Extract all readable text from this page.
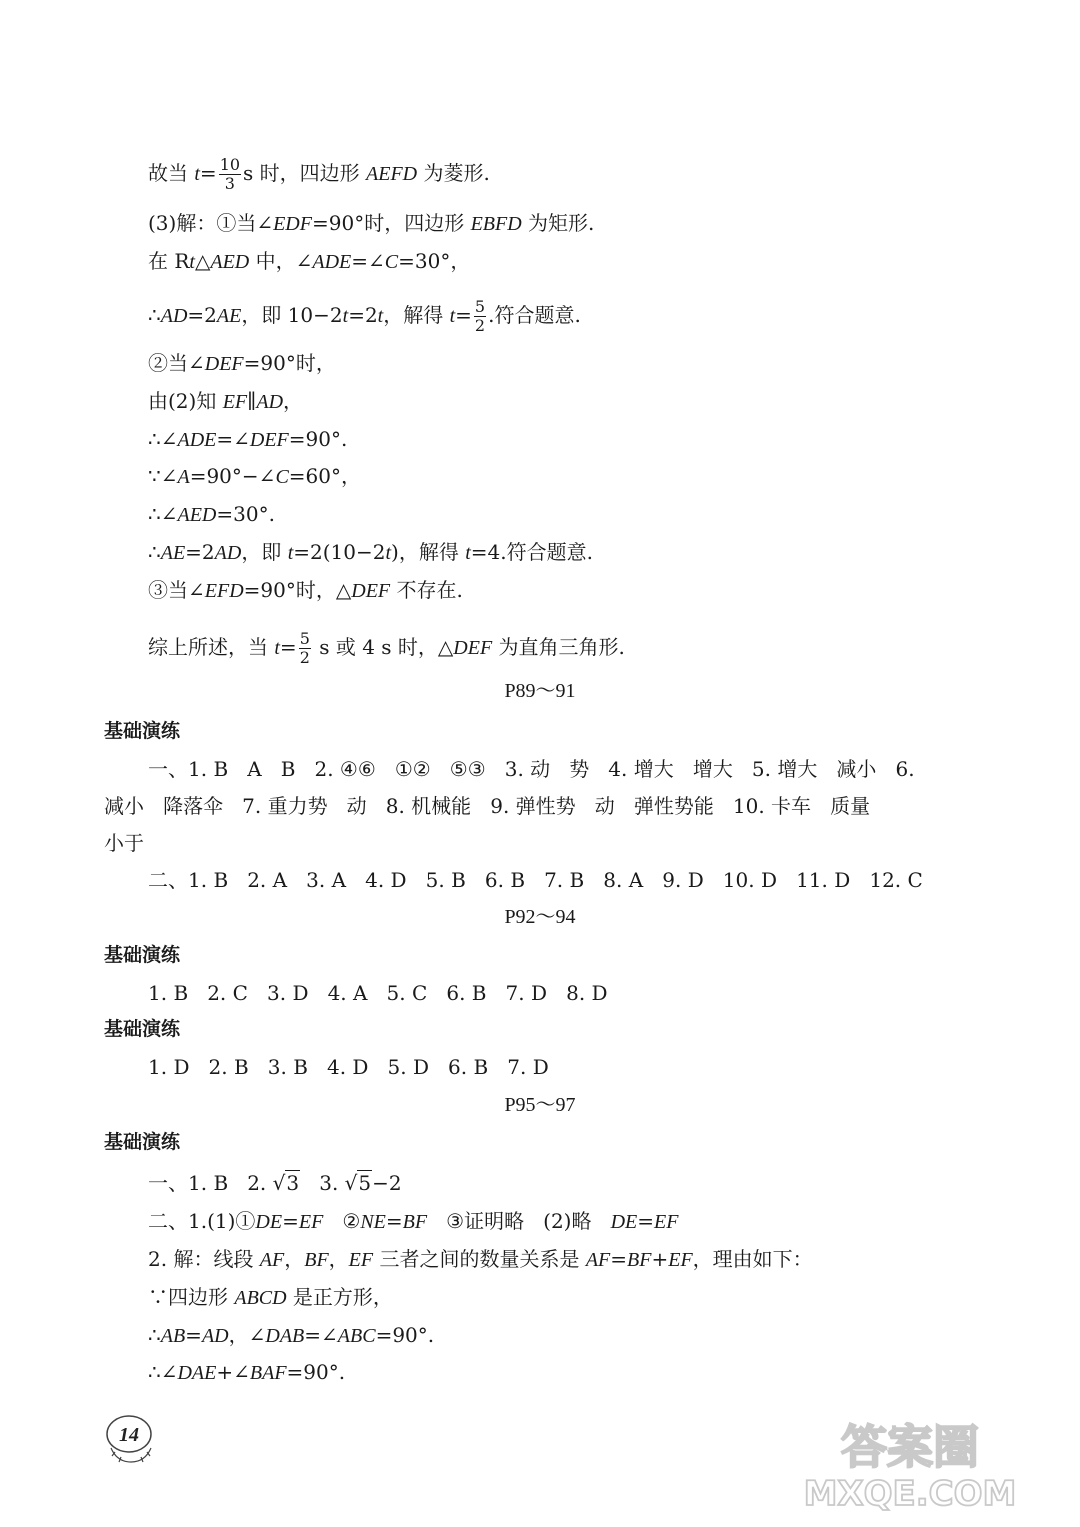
故当 $t= \frac{10}{3}$ s 时，四边形 AEFD 为菱形.
(3)解：①当∠EDF=90°时，四边形 EBFD 为矩形.
在 Rt△AED 中，∠ADE=∠C=30°，
∴AD=2AE，即 10−2t=2t，解得 $t= \frac{5}{2}$ .符合题意.
②当∠DEF=90°时，
由(2)知 EF∥AD，
∴∠ADE=∠DEF=90°.
∵∠A=90°−∠C=60°，
∴∠AED=30°.
∴AE=2AD，即 t=2(10−2t)，解得 t=4.符合题意.
③当∠EFD=90°时，△DEF 不存在.
综上所述，当 $t= \frac{5}{2}$ s 或 4 s 时，△DEF 为直角三角形.
P89～91
基础演练
一、1. B   A   B   2. ④⑥   ①②   ⑤③   3. 动   势   4. 增大   增大   5. 增大   减小   6.
减小   降落伞   7. 重力势   动   8. 机械能   9. 弹性势   动   弹性势能   10. 卡车   质量
小于
二、1. B   2. A   3. A   4. D   5. B   6. B   7. B   8. A   9. D   10. D   11. D   12. C
P92～94
基础演练
1. B   2. C   3. D   4. A   5. C   6. B   7. D   8. D
基础演练
1. D   2. B   3. B   4. D   5. D   6. B   7. D
P95～97
基础演练
一、1. B   2. √3   3. √5−2
二、1.(1)①DE=EF   ②NE=BF   ③证明略   (2)略   DE=EF
2. 解：线段 AF，BF，EF 三者之间的数量关系是 AF=BF+EF，理由如下：
∵四边形 ABCD 是正方形，
∴AB=AD，∠DAB=∠ABC=90°.
∴∠DAE+∠BAF=90°.
14	答案圈
MXQE.COM
